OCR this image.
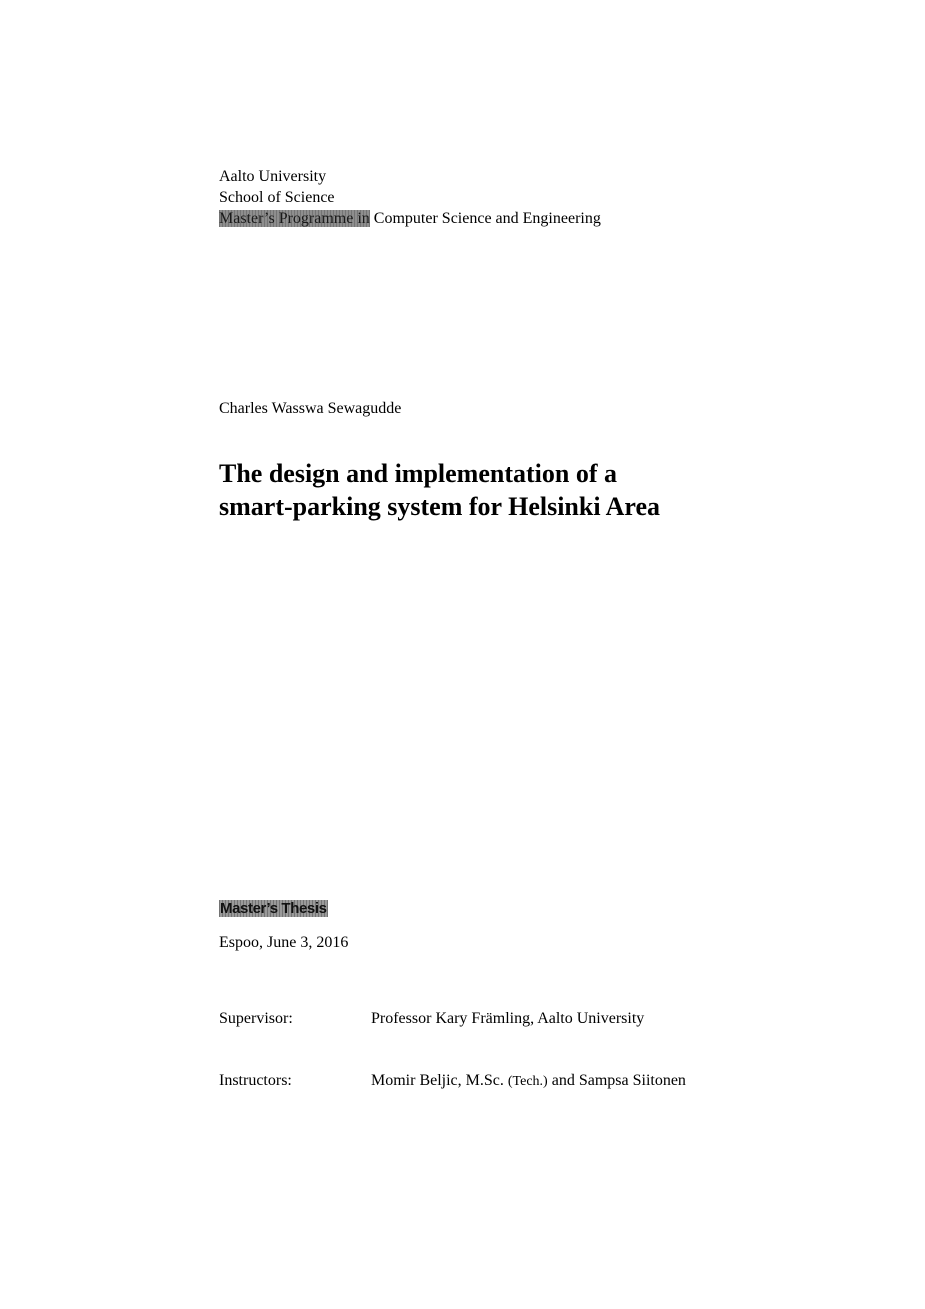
Aalto University
School of Science
Master’s Programme in Computer Science and Engineering
Charles Wasswa Sewagudde
The design and implementation of a
smart-parking system for Helsinki Area
Master’s Thesis
Espoo, June 3, 2016
Supervisor:	Professor Kary Främling, Aalto University
Instructors:	Momir Beljic, M.Sc. (Tech.) and Sampsa Siitonen
